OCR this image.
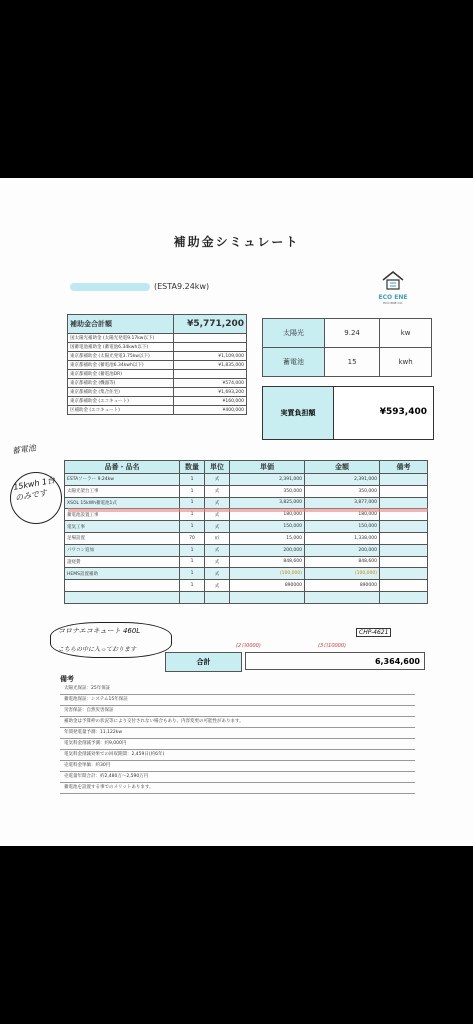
補助金シミュレート
(ESTA9.24kw)
ECO ENE
ECO ENE CO.
補助金合計額	¥5,771,200
国太陽光補助金 (太陽光発電9.17kw以下)	
国蓄電池補助金 (蓄電池6.34kwh以下)	
東京都補助金 (太陽光発電3.75kw以下)	¥1,109,000
東京都補助金 (蓄電池6.34kwh以下)	¥1,835,000
東京都補助金 (蓄電池DR)	
東京都補助金 (機器等)	¥574,000
東京都補助金 (集合住宅)	¥1,693,200
東京都補助金 (エコキュート)	¥160,000
区補助金 (エコキュート)	¥400,000
太陽光	9.24	kw
蓄電池	15	kwh
実質負担額	¥593,400
品番・品名	数量	単位	単価	金額	備考
ESTAソーラー 9.24kw	1	式	2,391,000	2,391,000	
太陽光架台工事	1	式	350,000	350,000	
XSOL 15kWh蓄電池1式	1	式	3,825,000	3,877,000	
蓄電池設置工事	1	式	180,000	180,000	
電気工事	1	式	150,000	150,000	
足場設置	70	㎡	15,000	1,338,000	
パワコン追加	1	式	200,000	200,000	
諸経費	1	式	848,600	848,600	
HEMS設置補助	1	式	(100,000)	(100,000)	
	1	式	890000	890000	

合計	6,364,600
備考
太陽光保証：25年保証
蓄電池保証：システム15年保証
災害保証：自然災害保証
補助金は予算枠の状況等により交付されない場合もあり、内容変更の可能性があります。
年間発電量予測：11,122kw
電気料金削減予測：約9,000円
電気料金削減効果での回収期間：2,459日(約6年)
売電料金単価：約30円
売電量年間合計：約2,480万～2,590万円
蓄電池を設置する事でのメリットあります。
蓄電池
15kwh 1台のみです
コロナエコキュート 460L
こちらの中に入っております
CHP-4621
(2日0000)	(3日10000)
